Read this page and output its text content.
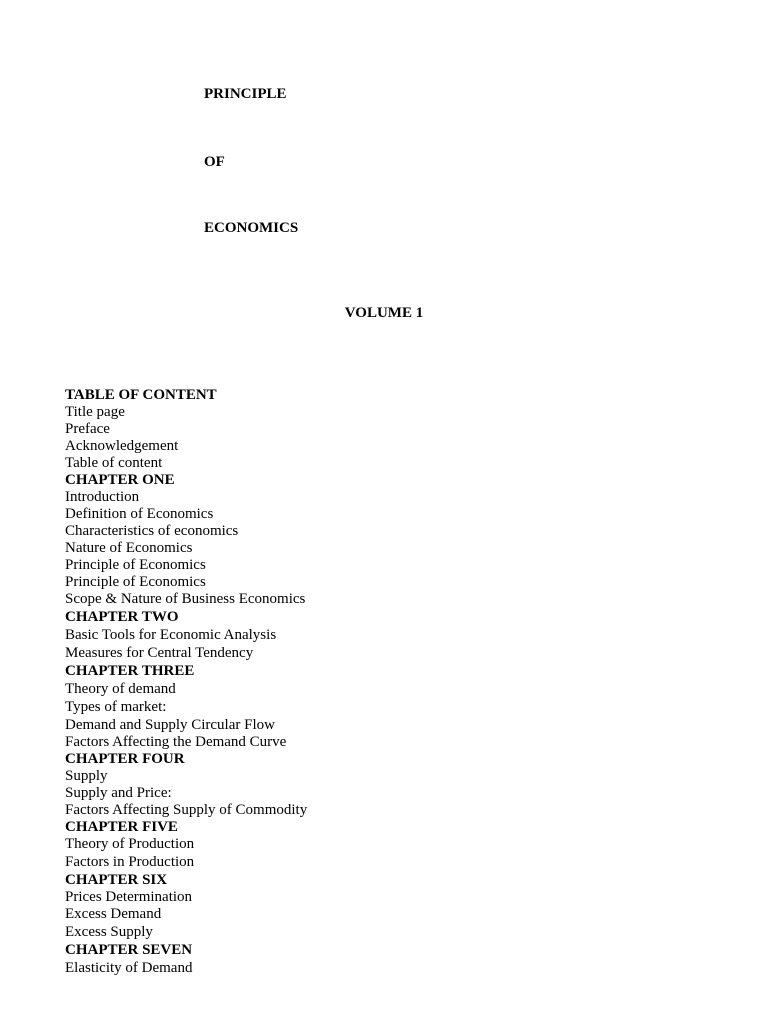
PRINCIPLE

OF

ECONOMICS

VOLUME 1

TABLE OF CONTENT
Title page
Preface
Acknowledgement
Table of content
CHAPTER ONE
Introduction
Definition of Economics
Characteristics of economics
Nature of Economics
Principle of Economics
Principle of Economics
Scope & Nature of Business Economics
CHAPTER TWO
Basic Tools for Economic Analysis
Measures for Central Tendency
CHAPTER THREE
Theory of demand
Types of market:
Demand and Supply Circular Flow
Factors Affecting the Demand Curve
CHAPTER FOUR
Supply
Supply and Price:
Factors Affecting Supply of Commodity
CHAPTER FIVE
Theory of Production
Factors in Production
CHAPTER SIX
Prices Determination
Excess Demand
Excess Supply
CHAPTER SEVEN
Elasticity of Demand
